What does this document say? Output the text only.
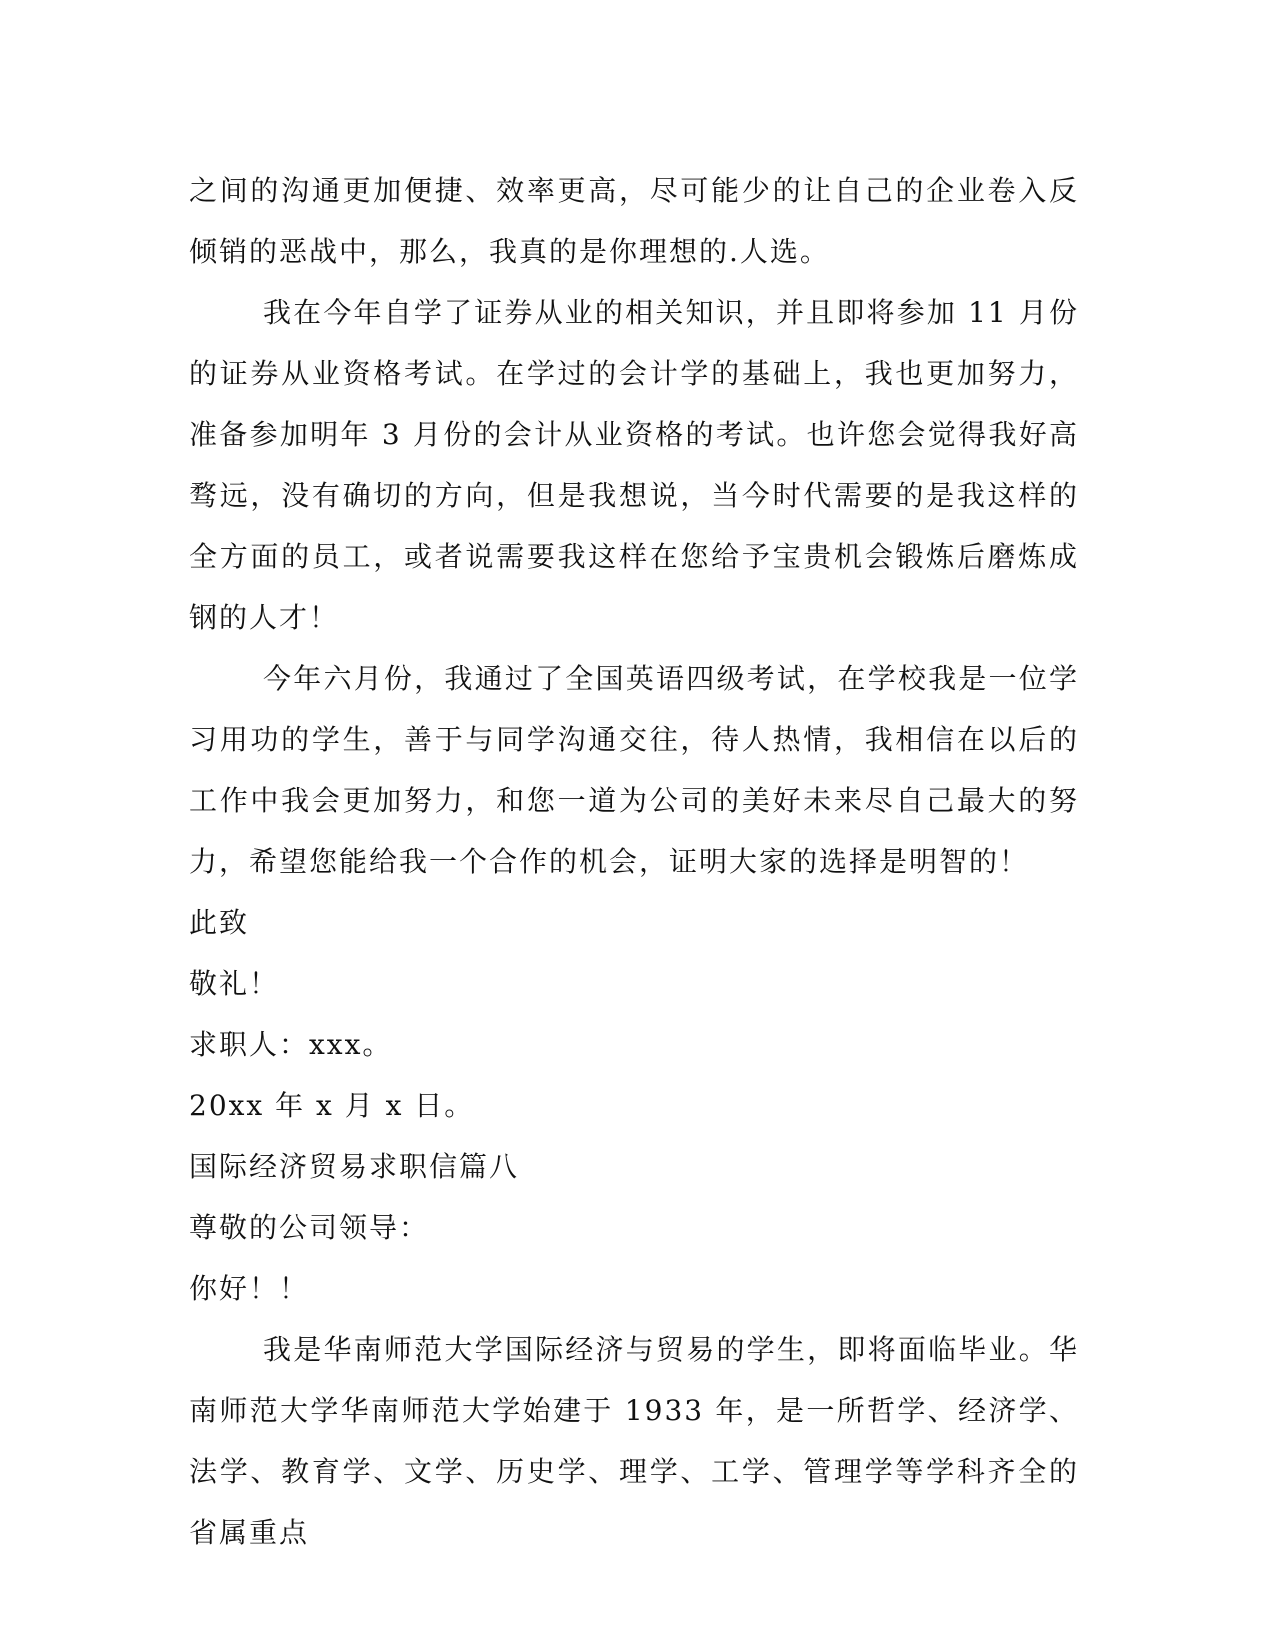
之间的沟通更加便捷、效率更高，尽可能少的让自己的企业卷入反倾销的恶战中，那么，我真的是你理想的.人选。

我在今年自学了证券从业的相关知识，并且即将参加 11 月份的证券从业资格考试。在学过的会计学的基础上，我也更加努力，准备参加明年 3 月份的会计从业资格的考试。也许您会觉得我好高骛远，没有确切的方向，但是我想说，当今时代需要的是我这样的全方面的员工，或者说需要我这样在您给予宝贵机会锻炼后磨炼成钢的人才！

今年六月份，我通过了全国英语四级考试，在学校我是一位学习用功的学生，善于与同学沟通交往，待人热情，我相信在以后的工作中我会更加努力，和您一道为公司的美好未来尽自己最大的努力，希望您能给我一个合作的机会，证明大家的选择是明智的！

此致

敬礼！

求职人：xxx。

20xx 年 x 月 x 日。

国际经济贸易求职信篇八

尊敬的公司领导：

你好！！

我是华南师范大学国际经济与贸易的学生，即将面临毕业。华南师范大学华南师范大学始建于 1933 年，是一所哲学、经济学、法学、教育学、文学、历史学、理学、工学、管理学等学科齐全的省属重点
